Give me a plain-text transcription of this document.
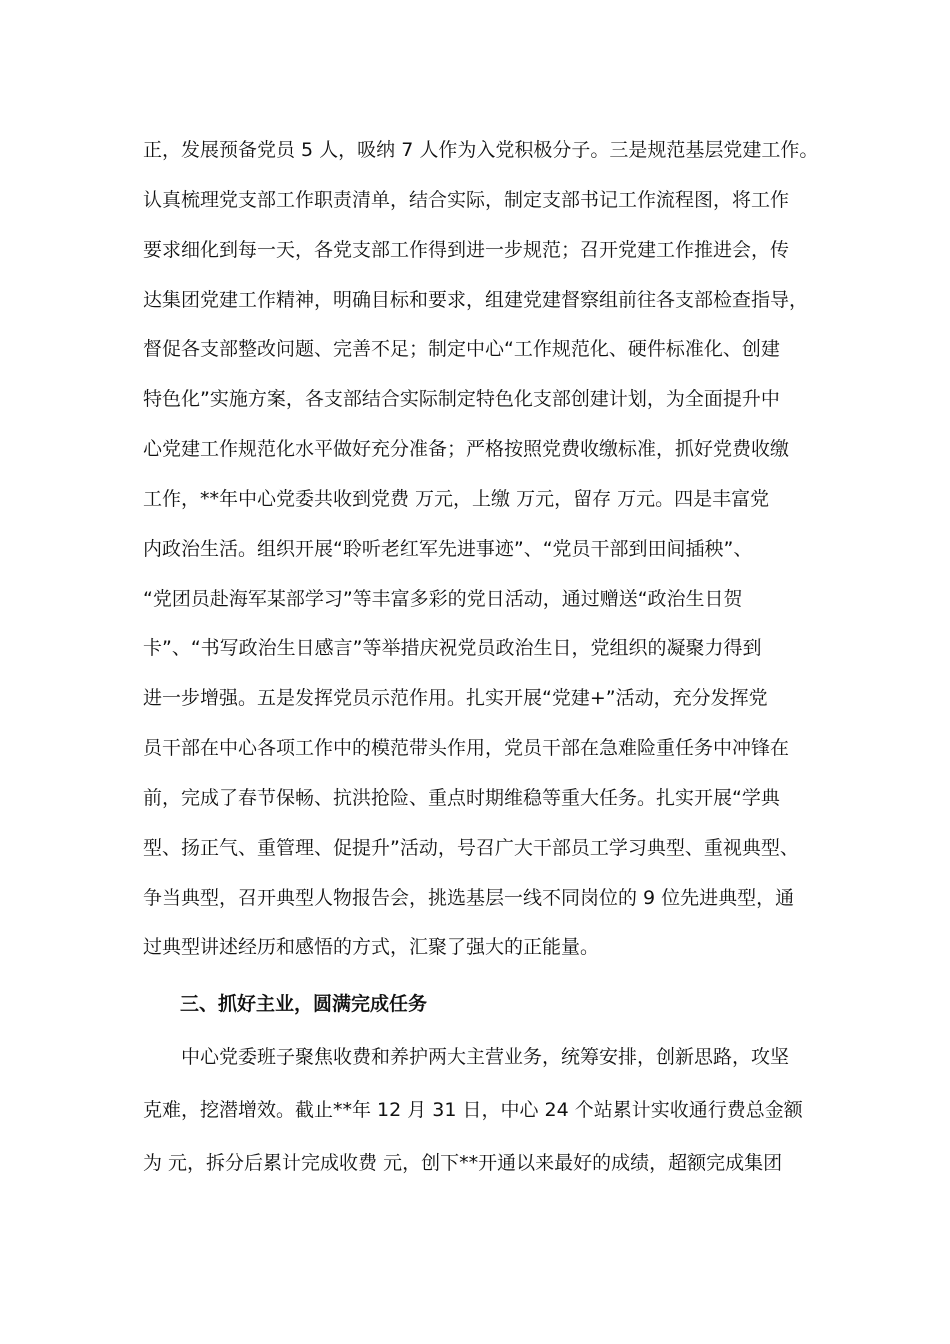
正，发展预备党员 5 人，吸纳 7 人作为入党积极分子。三是规范基层党建工作。
认真梳理党支部工作职责清单，结合实际，制定支部书记工作流程图，将工作
要求细化到每一天，各党支部工作得到进一步规范；召开党建工作推进会，传
达集团党建工作精神，明确目标和要求，组建党建督察组前往各支部检查指导，
督促各支部整改问题、完善不足；制定中心“工作规范化、硬件标准化、创建
特色化”实施方案，各支部结合实际制定特色化支部创建计划，为全面提升中
心党建工作规范化水平做好充分准备；严格按照党费收缴标准，抓好党费收缴
工作，**年中心党委共收到党费 万元，上缴 万元，留存 万元。四是丰富党
内政治生活。组织开展“聆听老红军先进事迹”、“党员干部到田间插秧”、
“党团员赴海军某部学习”等丰富多彩的党日活动，通过赠送“政治生日贺
卡”、“书写政治生日感言”等举措庆祝党员政治生日，党组织的凝聚力得到
进一步增强。五是发挥党员示范作用。扎实开展“党建+”活动，充分发挥党
员干部在中心各项工作中的模范带头作用，党员干部在急难险重任务中冲锋在
前，完成了春节保畅、抗洪抢险、重点时期维稳等重大任务。扎实开展“学典
型、扬正气、重管理、促提升”活动，号召广大干部员工学习典型、重视典型、
争当典型，召开典型人物报告会，挑选基层一线不同岗位的 9 位先进典型，通
过典型讲述经历和感悟的方式，汇聚了强大的正能量。
三、抓好主业，圆满完成任务
中心党委班子聚焦收费和养护两大主营业务，统筹安排，创新思路，攻坚
克难，挖潜增效。截止**年 12 月 31 日，中心 24 个站累计实收通行费总金额
为 元，拆分后累计完成收费 元，创下**开通以来最好的成绩，超额完成集团
